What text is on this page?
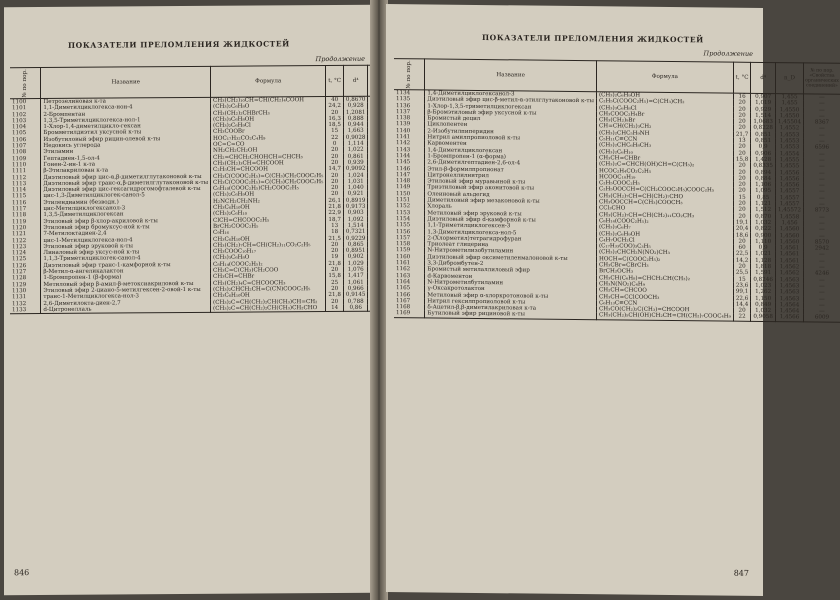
ПОКАЗАТЕЛИ ПРЕЛОМЛЕНИЯ ЖИДКОСТЕЙ
Продолжение
№ по пор.	Название	Формула	t, °C	d⁴		
1100	Петрозелиновая к-та	CH₃(CH₂)₁₀CH=CH(CH₂)₄COOH	40	0,8670		
1101	1,1-Диметилциклогекса-нон-4	(CH₃)₂C₆H₈O	24,2	0,928		
1102	2-Бромпентан	CH₃(CH₂)₂CHBrCH₃	20	1,2081		
1103	1,3,5-Триметилциклогекса-нол-1	(CH₃)₃C₆H₈OH	16,3	0,888		
1104	1-Хлор-1,4-диметилцикло-гексан	(CH₃)₂C₆H₉Cl	18,5	0,944		
1105	Бромметилдиэтил уксусной к-ты	CH₃COOBr	15	1,663		
1106	Изобутиловый эфир рицин-олевой к-ты	HOC₁₇H₃₂CO₂C₄H₉	22	0,9028		
1107	Недокись углерода	OC=C=CO	0	1,114		
1108	Этиламин	NH₂CH₂CH₂OH	20	1,022		
1109	Гептадиен-1,5-ол-4	CH₂=CHCH₂CHOHCH=CHCH₃	20	0,861		
1110	Гонен-2-ин-1 к-та	CH₃(CH₂)₃CH=CHCOOH	20	0,939		
1111	β-Этилакрилован к-та	C₂H₅CH=CHCOOH	14,7	0,9092		
1112	Диэтиловый эфир цис-α,β-диметилглутаконовой к-ты	CH₃C(COOC₂H₅)=C(CH₃)CH₂COOC₂H₅	20	1,024		
1113	Диэтиловый эфир транс-α,β-диметилглутаконовой к-ты	CH₃C(COOC₂H₅)=C(CH₃)CH₂COOC₂H₅	20	1,031		
1114	Диэтиловый эфир цис-гексагидрогомофталевой к-ты	C₆H₁₀(COOC₂H₅)CH₂COOC₂H₅	20	1,040		
1115	цис-1,3-Диметилциклогек-санол-5	(CH₃)₂C₆H₉OH	20	0,921		
1116	Этилендиамин (безводн.)	H₂NCH₂CH₂NH₂	26,1	0,8919		
1117	цис-Метилциклогексанол-3	CH₃C₆H₁₀OH	21,8	0,9173		
1118	1,3,5-Диметилциклогексан	(CH₃)₂C₆H₁₀	22,9	0,903		
1119	Этиловый эфир β-хлор-акриловой к-ты	ClCH=CHCOOC₂H₅	18,7	1,092		
1120	Этиловый эфир бромуксус-ной к-ты	BrCH₂COOC₂H₅	13	1,514		
1121	7-Метилоктадиен-2,4	C₉H₁₆	18	0,7321		
1122	цис-1-Метилциклогекса-нол-4	CH₃C₆H₁₀OH	21,5	0,9229		
1123	Этиловый эфир эруковой к-ты	CH₃(CH₂)₇CH=CH(CH₂)₁₁CO₂C₂H₅	20	0,865		
1124	Линаловый эфир уксус-ной к-ты	CH₃COOC₁₀H₁₇	20	0,8951		
1125	1,1,3-Триметилциклогек-санол-4	(CH₃)₃C₆H₈O	19	0,902		
1126	Диэтиловый эфир транс-1-камфорной к-ты	C₈H₁₄(COOC₂H₅)₂	21,8	1,029		
1127	β-Метил-α-ангеликалактон	CH₃C=C(CH₃)CH₂COO	20	1,076		
1128	1-Бромпропен-1 (β-форма)	CH₃CH=CHBr	15,8	1,417		
1129	Метиловый эфир β-амил-β-метоксиакриловой к-ты	CH₃(CH₂)₄C=CHCOOCH₃	25	1,061		
1130	Этиловый эфир 2-циано-5-метилгексен-2-овой-1 к-ты	(CH₃)₂CHCH₂CH=C(CN)COOC₂H₅	20	0,966		
1131	транс-1-Метилциклогекса-нол-3	CH₃C₆H₁₀OH	21,8	0,9145		
1132	2,6-Диметилокта-диен-2,7	(CH₃)₂C=CH(CH₂)₂CH(CH₃)CH=CH₂	20	0,788		
1133	d-Цитронеллаль	(CH₃)₂C=CH(CH₂)₂CH(CH₃)CH₂CHO	14	0,86		
846
ПОКАЗАТЕЛИ ПРЕЛОМЛЕНИЯ ЖИДКОСТЕЙ
Продолжение
№ по пор.	Название	Формула	t, °C	d⁴	n_D	№ по пор. «Свойства органических соединений»
1134	1,4-Диметилциклогексанол-3	(CH₃)₂C₆H₉OH	16	0,907	1,455	—
1135	Диэтиловый эфир цис-β-метил-α-этилглутаконовой к-ты	C₂H₅C(COOC₂H₅)=C(CH₃)CH₂	20	1,019	1,455	—
1136	1-Хлор-1,3,5-триметилциклогексан	(CH₃)₃C₆H₈Cl	20	0,929	1,4550	—
1137	β-Бромэтиловый эфир уксусной к-ты	CH₃COOC₂H₄Br	20	1,514	1,4550	—
1138	Бромистый децил	CH₃(CH₂)₉Br	20	1,0683	1,45504	8367
1139	Циклопентен	CH=CH(CH₂)₃CH₂	20	0,8228	1,4552	—
1140	2-Изобутилпиперидин	(CH₃)₂CHC₅H₉NH	21,7	0,851	1,4553	—
1141	Нитрил амилпропиоловой к-ты	C₅H₁₁C≡CCN	13	0,851	1,4553	—
1142	Карвоментен	(CH₃)₂CHC₆H₈CH₃	20	0,9	1,4553	6596
1143	1,4-Диметилциклогексан	(CH₃)₂C₆H₁₀	20	0,906	1,4554	—
1144	1-Бромпропен-1 (α-форма)	CH₃CH=CHBr	15,8	1,428	1,4555	—
1145	2,6-Диметилгептадиен-2,6-ол-4	(CH₃)₂C=CHCH(OH)CH=C(CH₃)₂	20	0,8335	1,4555	—
1146	Этил-β-формилпропионат	HCOC₂H₄CO₂C₂H₅	20	0,894	1,4556	—
1147	Цитронеллилнитрил	HCOOC₁₀H₁₉	20	0,884	1,4556	—
1148	Этиловый эфир муравьиной к-ты	C₂H₅COOC₂H₅	20	1,106	1,4556	—
1149	Триэтиловый эфир аконитовой к-ты	C₂H₅OOCCH=C(CH₂COOC₂H₅)COOC₂H₅	20	1,095	1,4557	—
1150	Олеиновый альдегид	CH₃(CH₂)₇CH=CH(CH₂)₇CHO	15	0,85	1,4557	—
1151	Диметиловый эфир мезаконовой к-ты	CH₃OOCCH=C(CH₃)COOCH₃	20	1,121	1,4557	—
1152	Хлораль	CCl₃CHO	20	1,512	1,45572	8773
1153	Метиловый эфир эруковой к-ты	CH₃(CH₂)₇CH=CH(CH₂)₁₁CO₂CH₃	20	0,870	1,4558	—
1154	Диэтиловый эфир d-камфорной к-ты	C₈H₁₄(COOC₂H₅)₂	19,1	1,032	1,456	—
1155	1,1-Триметилциклогексен-3	(CH₃)₃C₆H₇	20,4	0,822	1,4560	—
1156	1,3-Диметилциклогекса-нол-5	(CH₃)₂C₆H₉OH	18,6	0,900	1,4560	—
1157	2-(Хлорметил)тетрагидрофуран	C₄H₇OCH₂Cl	20	1,110	1,4560	8570
1158	Триолеат глицерина	(C₁₇H₃₃COO)₃C₃H₅	60	0,9	1,4561	2942
1159	N-Нитрометилизобутиламин	(CH₃)₂CHCH₂N(NO₂)CH₃	22,5	1,021	1,4561	—
1160	Диэтиловый эфир оксиметиленмалоновой к-ты	HOCH=C(COOC₂H₅)₂	14,2	1,128	1,4561	—
1161	3,3-Дибромбутен-2	CH₃CBr=CBrCH₃	20	1,818	1,4562	—
1162	Бромистый метилаллиловый эфир	BrCH₂OCH₃	25,5	1,591	1,4562	4246
1163	d-Карвоментон	CH₃CH(C₆H₈)=CHCH₂CH(CH₃)₂	15	0,8246	1,4563	—
1164	N-Нитрометилбутиламин	CH₃N(NO₂)C₄H₉	23,6	1,023	1,4563	—
1165	γ-Оксакротолактон	CH₂CH=CHCOO	99,1	1,262	1,4563	—
1166	Метиловый эфир α-хлоркротоновой к-ты	CH₃CH=CClCOOCH₃	22,6	1,150	1,4563	—
1167	Нитрил гексилпропиоловой к-ты	C₆H₁₃C≡CCN	14,4	0,849	1,4564	—
1168	δ-Ацетил-β,β-диметилакриловая к-та	CH₃CO(CH₂)₂C(CH₃)=CHCOOH	20	1,032	1,4564	—
1169	Бутиловый эфир рициновой к-ты	CH₃(CH₂)₅CH(OH)CH₂CH=CH(CH₂)₇COOC₄H₉	22	0,9058	1,4566	6009
847
